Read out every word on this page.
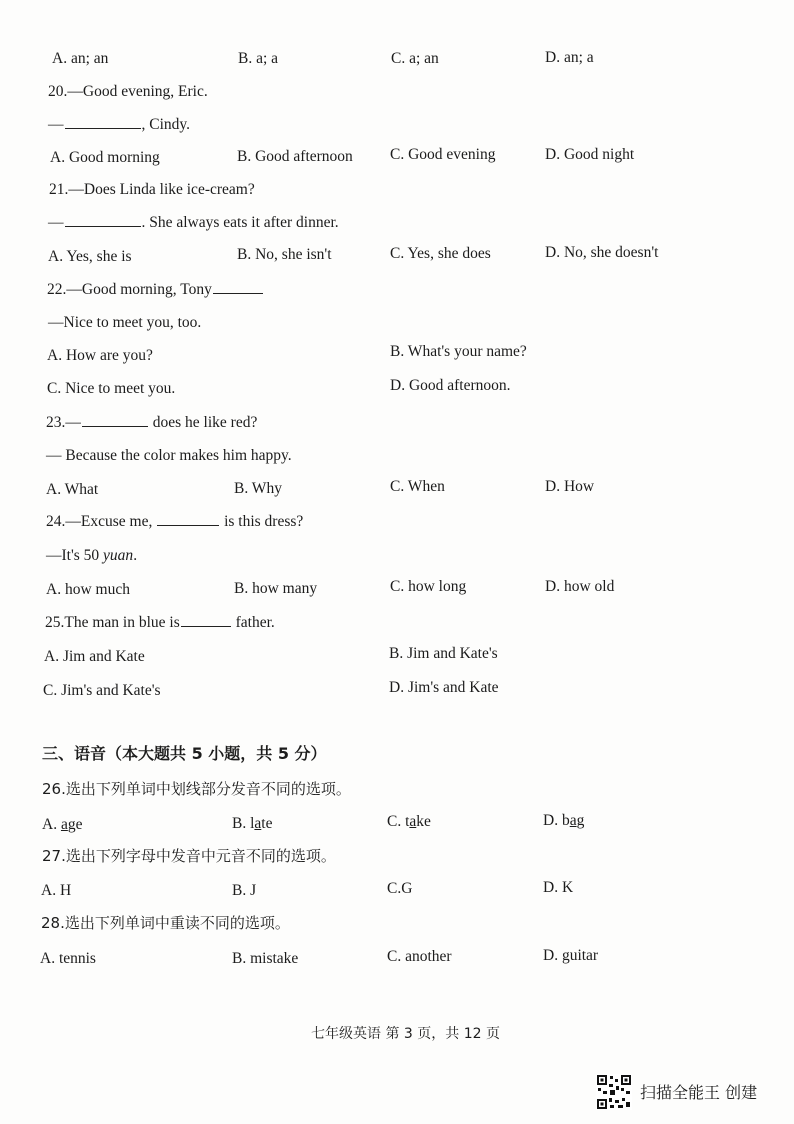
A. an; an	B. a; a	C. a; an	D. an; a
20.—Good evening, Eric.
—	, Cindy.
A. Good morning	B. Good afternoon C. Good evening	D. Good night
21.—Does Linda like ice-cream?
—	. She always eats it after dinner.
A. Yes, she is	B. No, she isn't	C. Yes, she does	D. No, she doesn't
22.—Good morning, Tony
—Nice to meet you, too.
A. How are you?	B. What's your name?
C. Nice to meet you.	D. Good afternoon.
23.—	does he like red?
— Because the color makes him happy.
A. What	B. Why	C. When	D. How
24.—Excuse me,	is this dress?
—It's 50 yuan.
A. how much	B. how many	C. how long	D. how old
25.The man in blue is	father.
A. Jim and Kate	B. Jim and Kate's
C. Jim's and Kate's	D. Jim's and Kate
三、语音（本大题共 5 小题，共 5 分）
26.选出下列单词中划线部分发音不同的选项。
A. age	B. late	C. take	D. bag
27.选出下列字母中发音中元音不同的选项。
A. H	B. J	C.G	D. K
28.选出下列单词中重读不同的选项。
A. tennis	B. mistake	C. another	D. guitar
七年级英语 第 3 页，共 12 页
扫描全能王 创建
